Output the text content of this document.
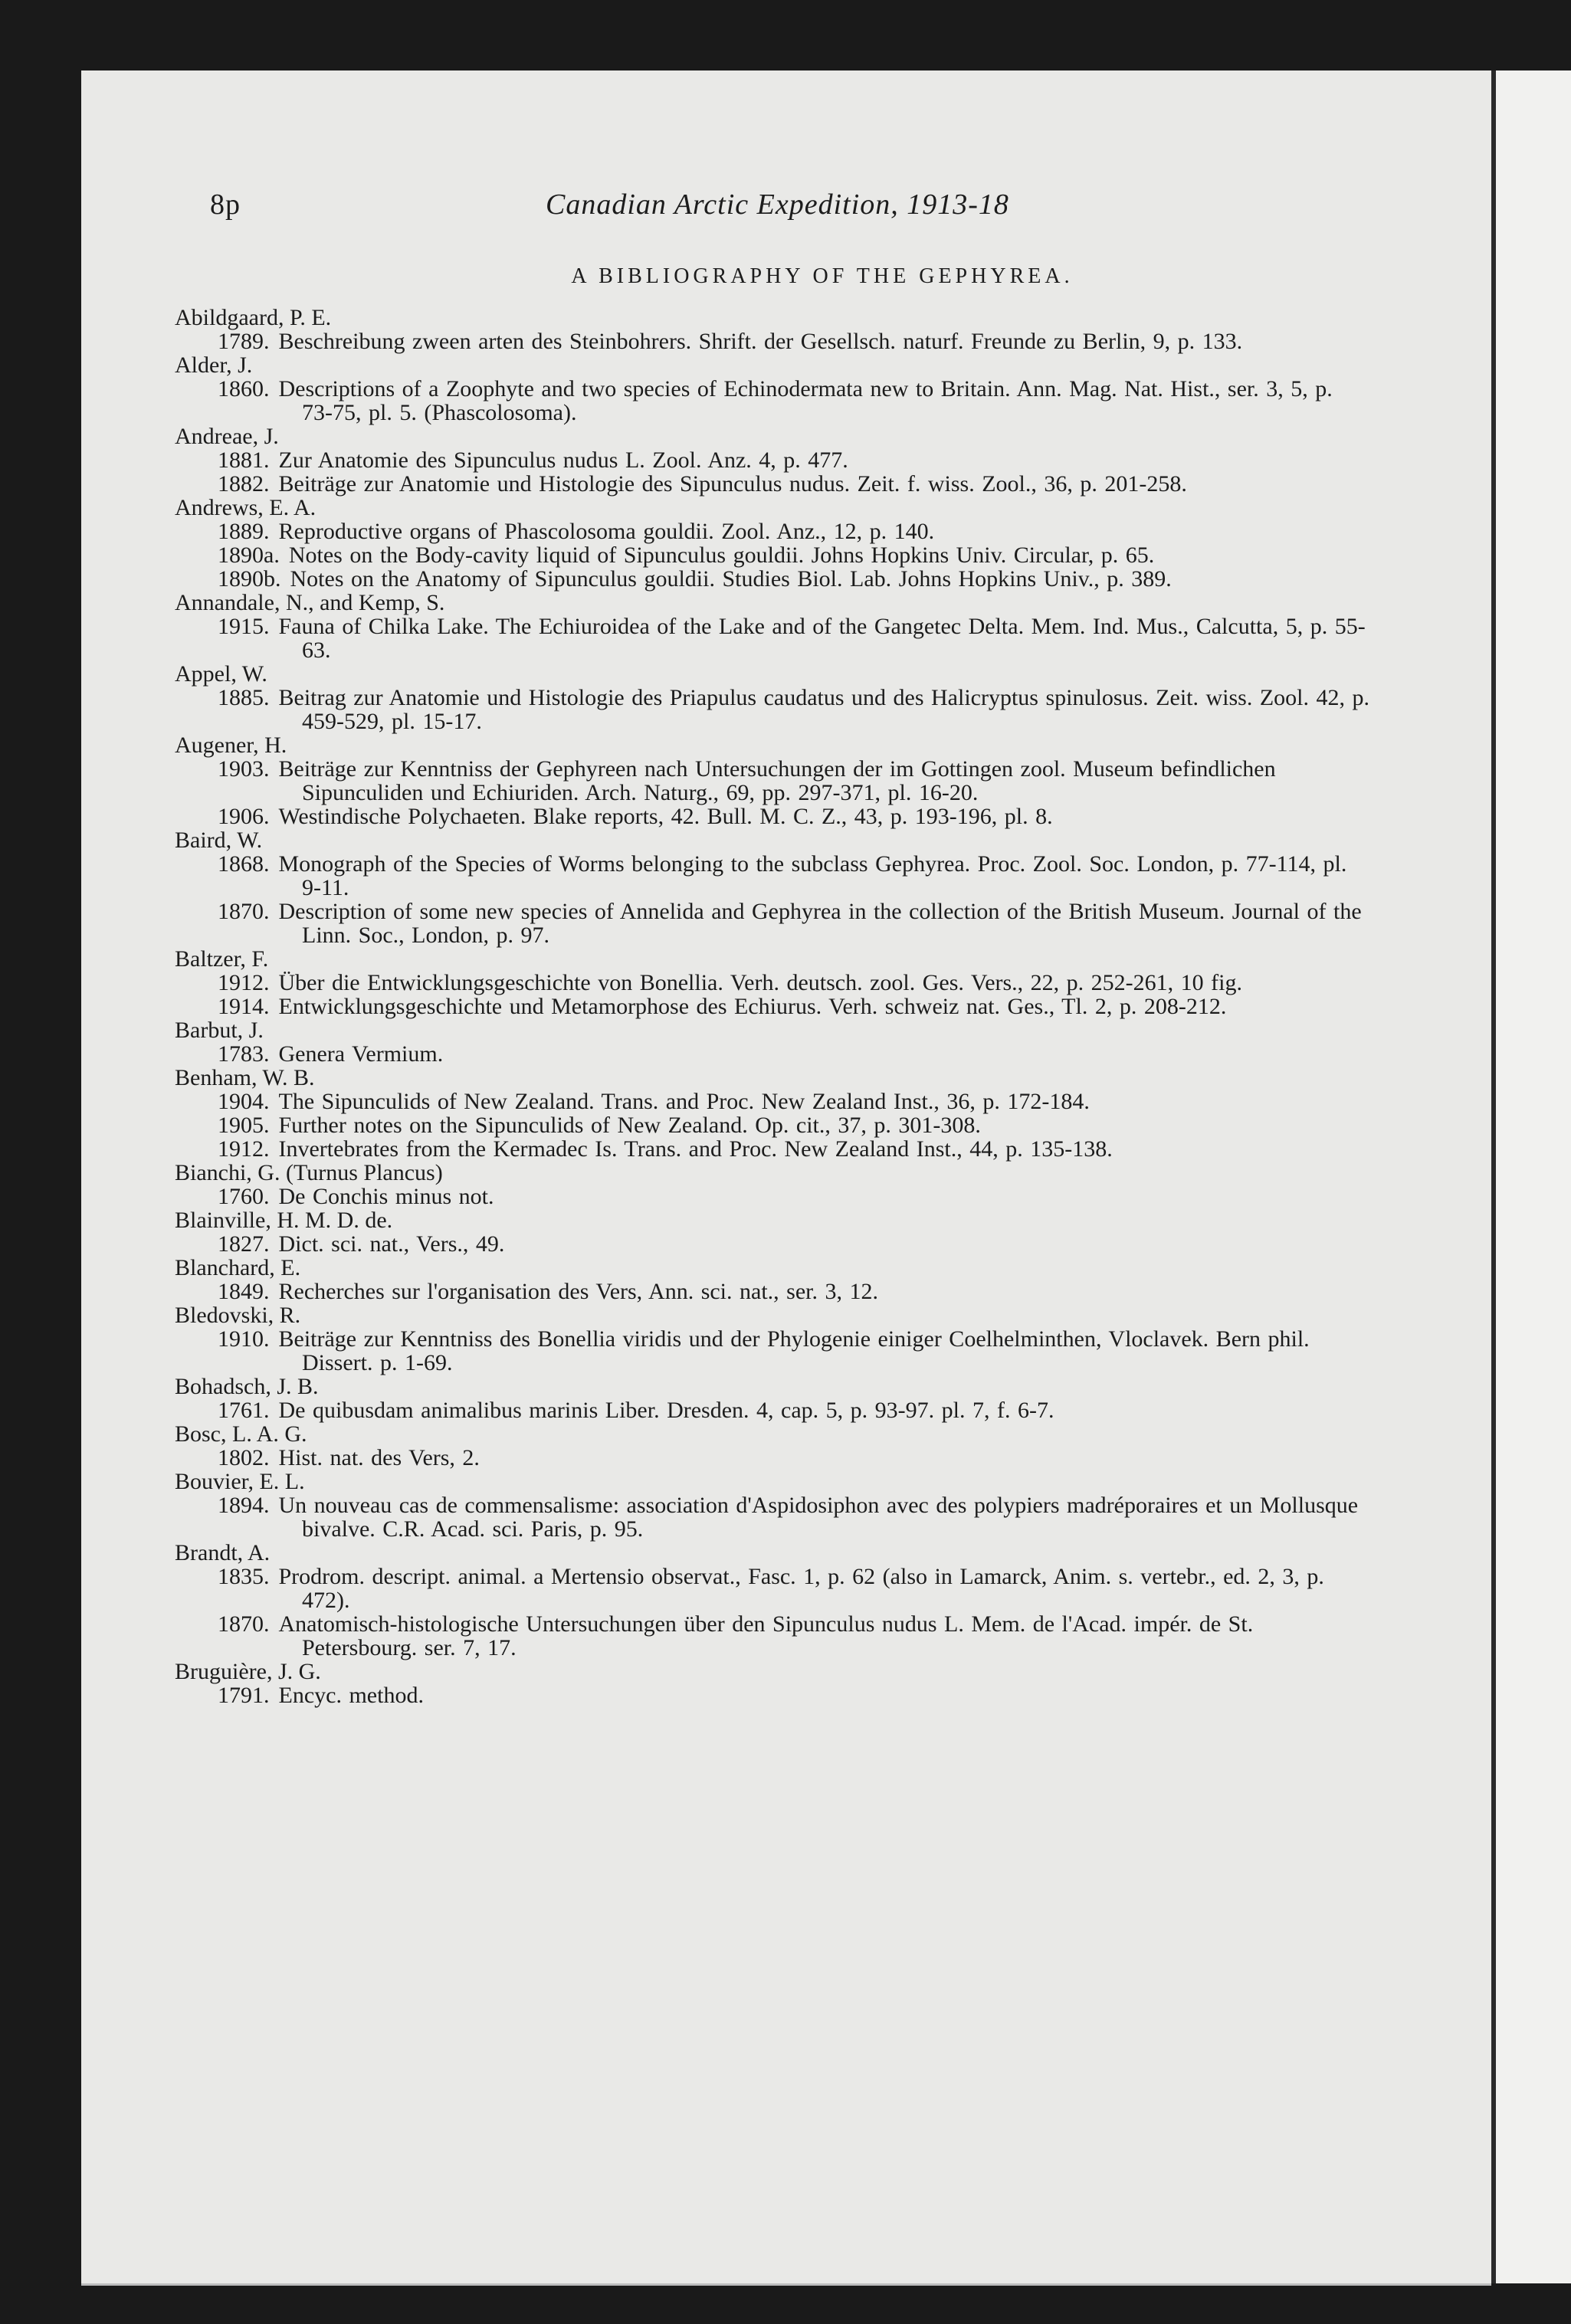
8p	Canadian Arctic Expedition, 1913-18
A BIBLIOGRAPHY OF THE GEPHYREA.
Abildgaard, P. E.
1789. Beschreibung zween arten des Steinbohrers. Shrift. der Gesellsch. naturf. Freunde zu Berlin, 9, p. 133.
Alder, J.
1860. Descriptions of a Zoophyte and two species of Echinodermata new to Britain. Ann. Mag. Nat. Hist., ser. 3, 5, p. 73-75, pl. 5. (Phascolosoma).
Andreae, J.
1881. Zur Anatomie des Sipunculus nudus L. Zool. Anz. 4, p. 477.
1882. Beiträge zur Anatomie und Histologie des Sipunculus nudus. Zeit. f. wiss. Zool., 36, p. 201-258.
Andrews, E. A.
1889. Reproductive organs of Phascolosoma gouldii. Zool. Anz., 12, p. 140.
1890a. Notes on the Body-cavity liquid of Sipunculus gouldii. Johns Hopkins Univ. Circular, p. 65.
1890b. Notes on the Anatomy of Sipunculus gouldii. Studies Biol. Lab. Johns Hopkins Univ., p. 389.
Annandale, N., and Kemp, S.
1915. Fauna of Chilka Lake. The Echiuroidea of the Lake and of the Gangetec Delta. Mem. Ind. Mus., Calcutta, 5, p. 55-63.
Appel, W.
1885. Beitrag zur Anatomie und Histologie des Priapulus caudatus und des Halicryptus spinulosus. Zeit. wiss. Zool. 42, p. 459-529, pl. 15-17.
Augener, H.
1903. Beiträge zur Kenntniss der Gephyreen nach Untersuchungen der im Gottingen zool. Museum befindlichen Sipunculiden und Echiuriden. Arch. Naturg., 69, pp. 297-371, pl. 16-20.
1906. Westindische Polychaeten. Blake reports, 42. Bull. M. C. Z., 43, p. 193-196, pl. 8.
Baird, W.
1868. Monograph of the Species of Worms belonging to the subclass Gephyrea. Proc. Zool. Soc. London, p. 77-114, pl. 9-11.
1870. Description of some new species of Annelida and Gephyrea in the collection of the British Museum. Journal of the Linn. Soc., London, p. 97.
Baltzer, F.
1912. Über die Entwicklungsgeschichte von Bonellia. Verh. deutsch. zool. Ges. Vers., 22, p. 252-261, 10 fig.
1914. Entwicklungsgeschichte und Metamorphose des Echiurus. Verh. schweiz nat. Ges., Tl. 2, p. 208-212.
Barbut, J.
1783. Genera Vermium.
Benham, W. B.
1904. The Sipunculids of New Zealand. Trans. and Proc. New Zealand Inst., 36, p. 172-184.
1905. Further notes on the Sipunculids of New Zealand. Op. cit., 37, p. 301-308.
1912. Invertebrates from the Kermadec Is. Trans. and Proc. New Zealand Inst., 44, p. 135-138.
Bianchi, G. (Turnus Plancus)
1760. De Conchis minus not.
Blainville, H. M. D. de.
1827. Dict. sci. nat., Vers., 49.
Blanchard, E.
1849. Recherches sur l'organisation des Vers, Ann. sci. nat., ser. 3, 12.
Bledovski, R.
1910. Beiträge zur Kenntniss des Bonellia viridis und der Phylogenie einiger Coelhelminthen, Vloclavek. Bern phil. Dissert. p. 1-69.
Bohadsch, J. B.
1761. De quibusdam animalibus marinis Liber. Dresden. 4, cap. 5, p. 93-97. pl. 7, f. 6-7.
Bosc, L. A. G.
1802. Hist. nat. des Vers, 2.
Bouvier, E. L.
1894. Un nouveau cas de commensalisme: association d'Aspidosiphon avec des polypiers madréporaires et un Mollusque bivalve. C.R. Acad. sci. Paris, p. 95.
Brandt, A.
1835. Prodrom. descript. animal. a Mertensio observat., Fasc. 1, p. 62 (also in Lamarck, Anim. s. vertebr., ed. 2, 3, p. 472).
1870. Anatomisch-histologische Untersuchungen über den Sipunculus nudus L. Mem. de l'Acad. impér. de St. Petersbourg. ser. 7, 17.
Bruguière, J. G.
1791. Encyc. method.
